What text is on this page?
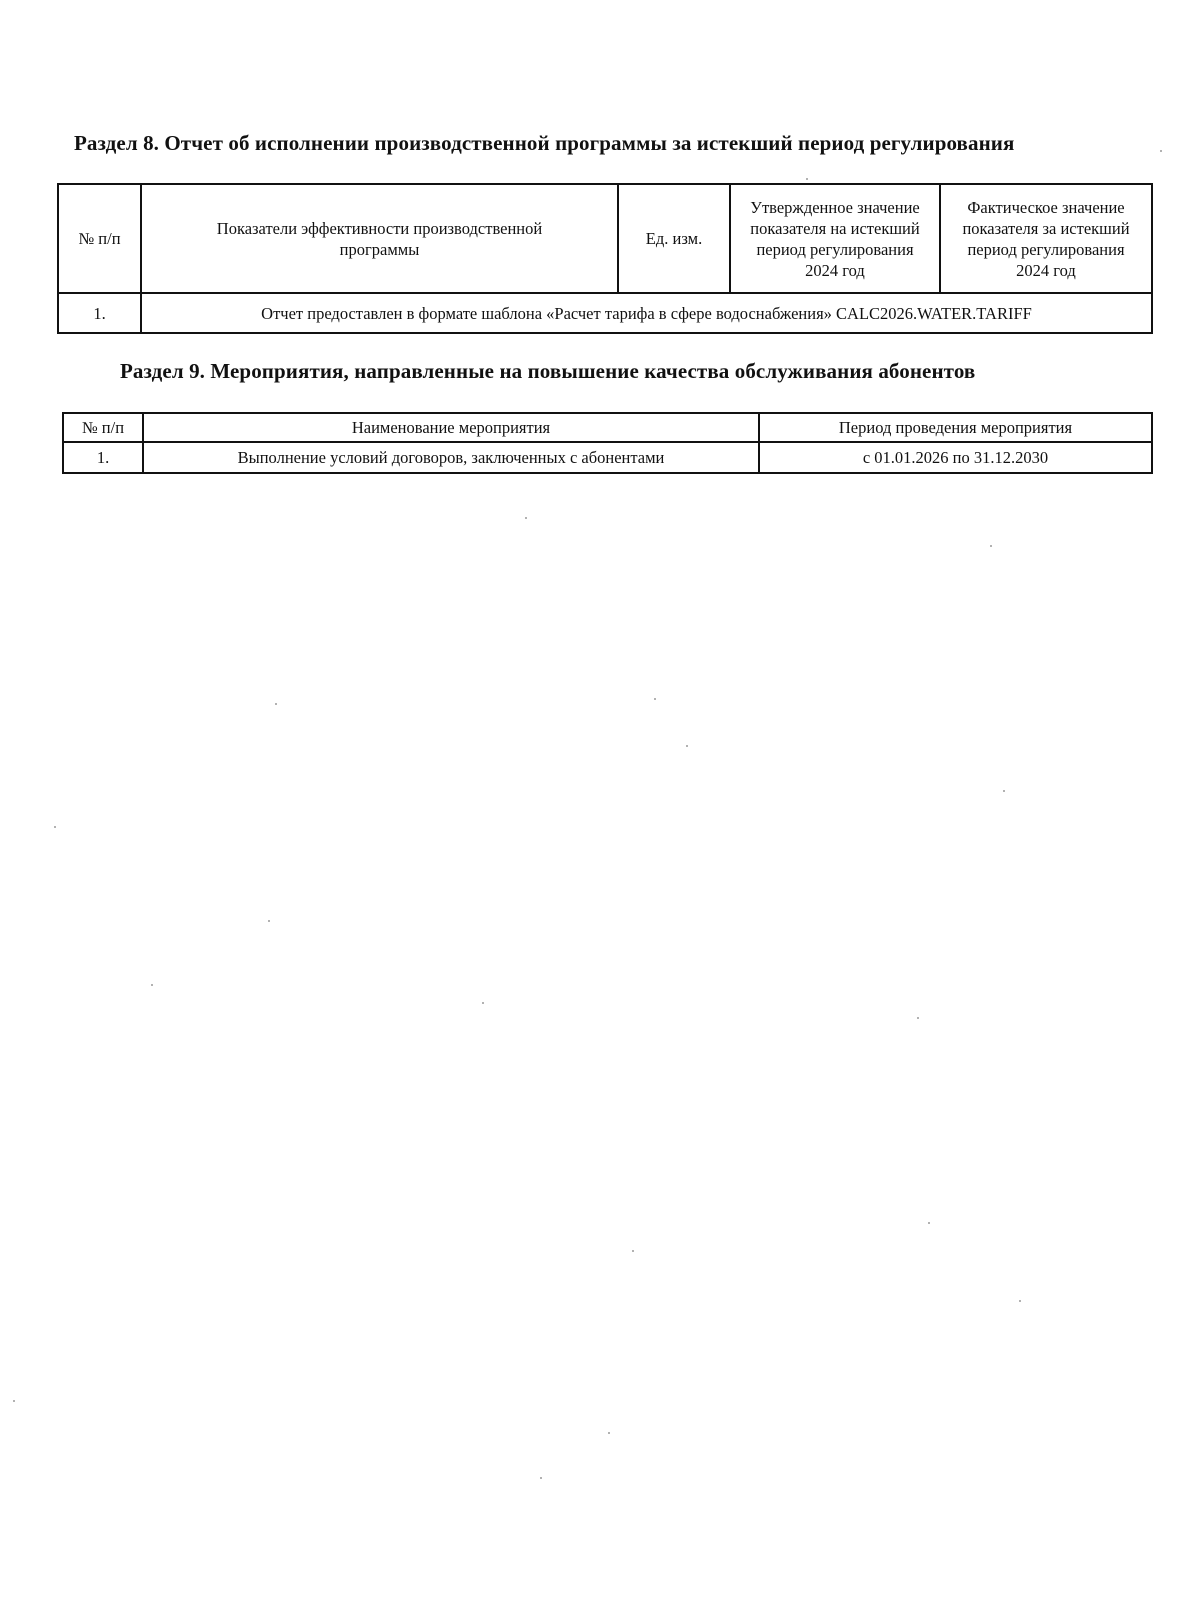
Раздел 8. Отчет об исполнении производственной программы за истекший период регулирования
№ п/п	Показатели эффективности производственной программы	Ед. изм.	Утвержденное значение показателя на истекший период регулирования 2024 год	Фактическое значение показателя за истекший период регулирования 2024 год
1.	Отчет предоставлен в формате шаблона «Расчет тарифа в сфере водоснабжения» CALC2026.WATER.TARIFF			
Раздел 9. Мероприятия, направленные на повышение качества обслуживания абонентов
№ п/п	Наименование мероприятия	Период проведения мероприятия
1.	Выполнение условий договоров, заключенных с абонентами	с 01.01.2026 по 31.12.2030
